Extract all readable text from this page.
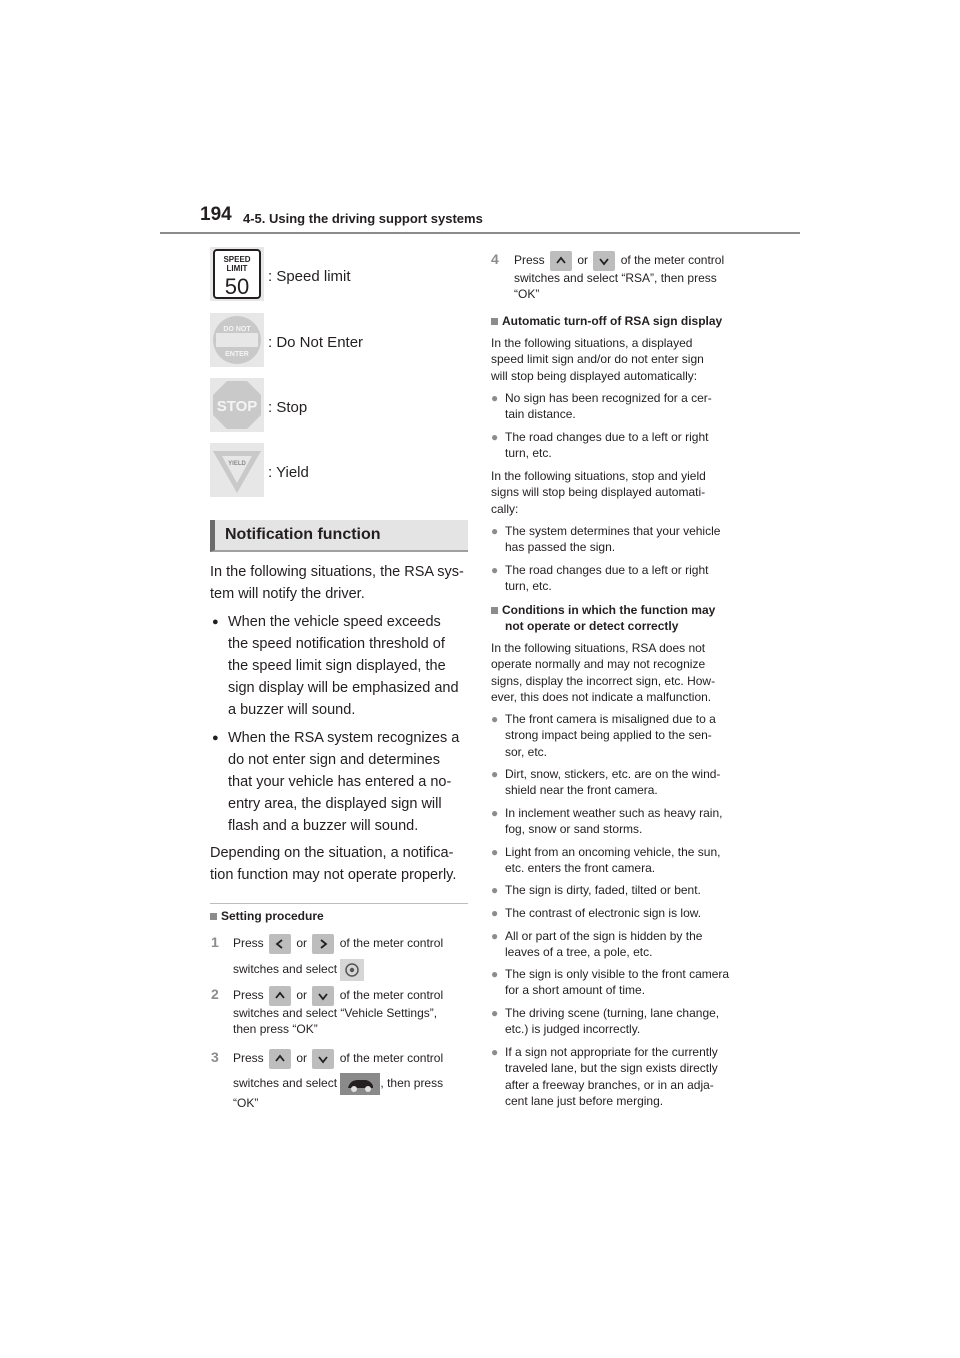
194 4-5. Using the driving support systems
SPEED
LIMIT
50 : Speed limit
DO NOT
ENTER
: Do Not Enter
STOP : Stop
YIELD : Yield
Notification function
In the following situations, the RSA sys-
tem will notify the driver.
● When the vehicle speed exceeds
the speed notification threshold of
the speed limit sign displayed, the
sign display will be emphasized and
a buzzer will sound.
● When the RSA system recognizes a
do not enter sign and determines
that your vehicle has entered a no-
entry area, the displayed sign will
flash and a buzzer will sound.
Depending on the situation, a notifica-
tion function may not operate properly.
Setting procedure
1 Press	or	of the meter control
switches and select
2 Press	or	of the meter control
switches and select “Vehicle Settings”,
then press “OK”
3 Press	or	of the meter control
switches and select	, then press
“OK”
4 Press	or	of the meter control
switches and select “RSA”, then press
“OK”
Automatic turn-off of RSA sign display
In the following situations, a displayed
speed limit sign and/or do not enter sign
will stop being displayed automatically:
● No sign has been recognized for a cer-
tain distance.
● The road changes due to a left or right
turn, etc.
In the following situations, stop and yield
signs will stop being displayed automati-
cally:
● The system determines that your vehicle
has passed the sign.
● The road changes due to a left or right
turn, etc.
Conditions in which the function may
not operate or detect correctly
In the following situations, RSA does not
operate normally and may not recognize
signs, display the incorrect sign, etc. How-
ever, this does not indicate a malfunction.
● The front camera is misaligned due to a
strong impact being applied to the sen-
sor, etc.
● Dirt, snow, stickers, etc. are on the wind-
shield near the front camera.
● In inclement weather such as heavy rain,
fog, snow or sand storms.
● Light from an oncoming vehicle, the sun,
etc. enters the front camera.
● The sign is dirty, faded, tilted or bent.
● The contrast of electronic sign is low.
● All or part of the sign is hidden by the
leaves of a tree, a pole, etc.
● The sign is only visible to the front camera
for a short amount of time.
● The driving scene (turning, lane change,
etc.) is judged incorrectly.
● If a sign not appropriate for the currently
traveled lane, but the sign exists directly
after a freeway branches, or in an adja-
cent lane just before merging.
